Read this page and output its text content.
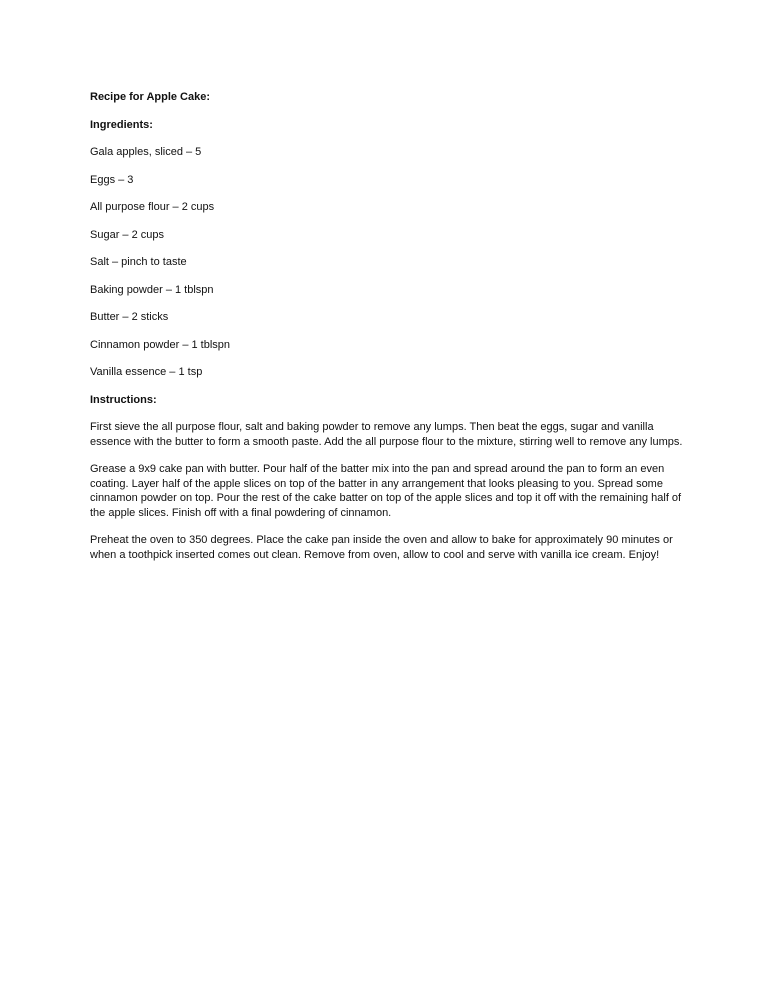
Recipe for Apple Cake:
Ingredients:
Gala apples, sliced – 5
Eggs – 3
All purpose flour – 2 cups
Sugar – 2 cups
Salt – pinch to taste
Baking powder – 1 tblspn
Butter – 2 sticks
Cinnamon powder – 1 tblspn
Vanilla essence – 1 tsp
Instructions:

First sieve the all purpose flour, salt and baking powder to remove any lumps. Then beat the eggs, sugar and vanilla essence with the butter to form a smooth paste. Add the all purpose flour to the mixture, stirring well to remove any lumps.

Grease a 9x9 cake pan with butter. Pour half of the batter mix into the pan and spread around the pan to form an even coating. Layer half of the apple slices on top of the batter in any arrangement that looks pleasing to you. Spread some cinnamon powder on top. Pour the rest of the cake batter on top of the apple slices and top it off with the remaining half of the apple slices. Finish off with a final powdering of cinnamon.

Preheat the oven to 350 degrees. Place the cake pan inside the oven and allow to bake for approximately 90 minutes or when a toothpick inserted comes out clean. Remove from oven, allow to cool and serve with vanilla ice cream. Enjoy!
